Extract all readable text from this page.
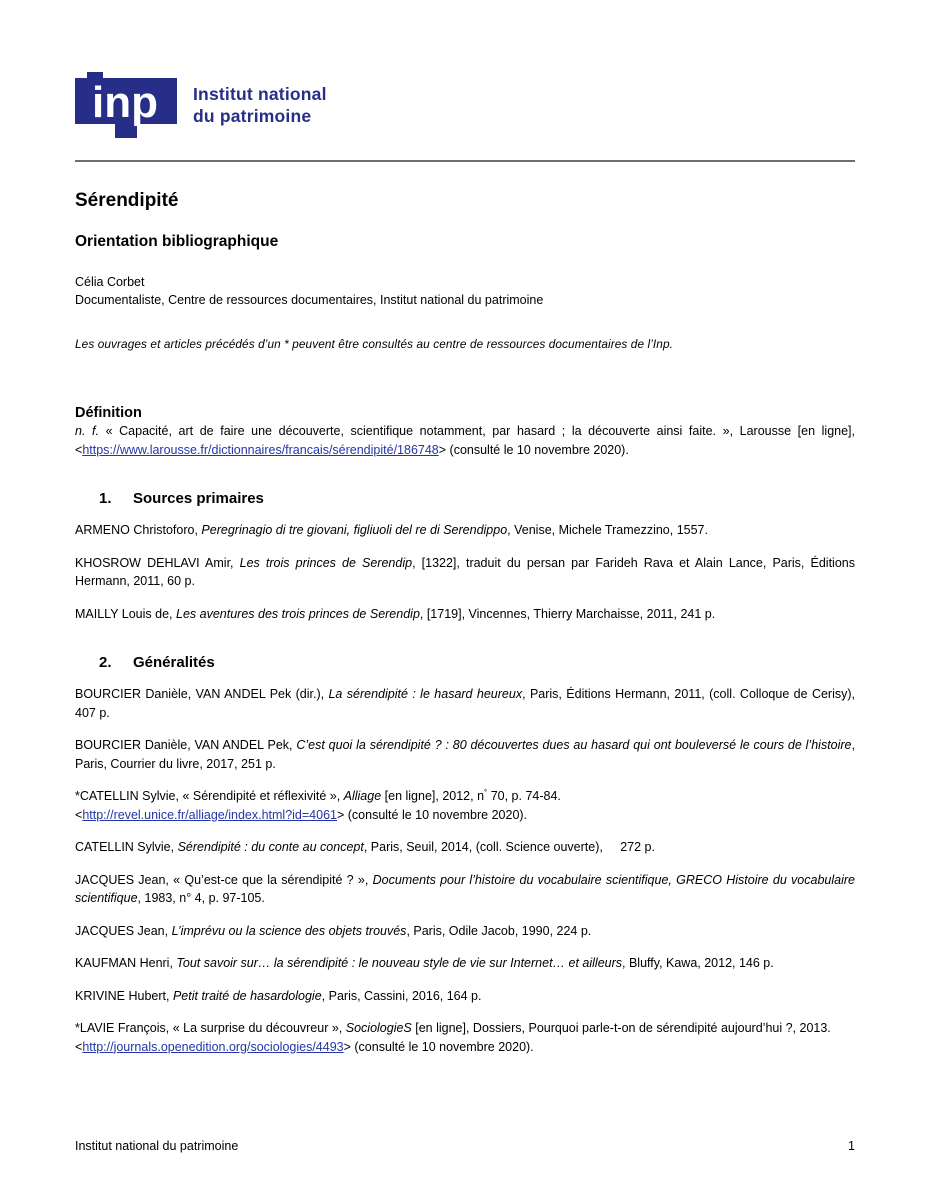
inp Institut national
du patrimoine
Sérendipité
Orientation bibliographique
Célia Corbet
Documentaliste, Centre de ressources documentaires, Institut national du patrimoine
Les ouvrages et articles précédés d’un * peuvent être consultés au centre de ressources documentaires de l’Inp.
Définition

n. f. « Capacité, art de faire une découverte, scientifique notamment, par hasard ; la découverte ainsi faite. », Larousse [en ligne], <https://www.larousse.fr/dictionnaires/francais/sérendipité/186748> (consulté le 10 novembre 2020).

1. Sources primaires

ARMENO Christoforo, Peregrinagio di tre giovani, figliuoli del re di Serendippo, Venise, Michele Tramezzino, 1557.

KHOSROW DEHLAVI Amir, Les trois princes de Serendip, [1322], traduit du persan par Farideh Rava et Alain Lance, Paris, Éditions Hermann, 2011, 60 p.

MAILLY Louis de, Les aventures des trois princes de Serendip, [1719], Vincennes, Thierry Marchaisse, 2011, 241 p.

2. Généralités

BOURCIER Danièle, VAN ANDEL Pek (dir.), La sérendipité : le hasard heureux, Paris, Éditions Hermann, 2011, (coll. Colloque de Cerisy), 407 p.

BOURCIER Danièle, VAN ANDEL Pek, C’est quoi la sérendipité ? : 80 découvertes dues au hasard qui ont bouleversé le cours de l’histoire, Paris, Courrier du livre, 2017, 251 p.

*CATELLIN Sylvie, « Sérendipité et réflexivité », Alliage [en ligne], 2012, n° 70, p. 74-84.
<http://revel.unice.fr/alliage/index.html?id=4061> (consulté le 10 novembre 2020).

CATELLIN Sylvie, Sérendipité : du conte au concept, Paris, Seuil, 2014, (coll. Science ouverte),     272 p.

JACQUES Jean, « Qu’est-ce que la sérendipité ? », Documents pour l’histoire du vocabulaire scientifique, GRECO Histoire du vocabulaire scientifique, 1983, n° 4, p. 97-105.

JACQUES Jean, L’imprévu ou la science des objets trouvés, Paris, Odile Jacob, 1990, 224 p.

KAUFMAN Henri, Tout savoir sur… la sérendipité : le nouveau style de vie sur Internet… et ailleurs, Bluffy, Kawa, 2012, 146 p.

KRIVINE Hubert, Petit traité de hasardologie, Paris, Cassini, 2016, 164 p.

*LAVIE François, « La surprise du découvreur », SociologieS [en ligne], Dossiers, Pourquoi parle-t-on de sérendipité aujourd’hui ?, 2013.
<http://journals.openedition.org/sociologies/4493> (consulté le 10 novembre 2020).

Institut national du patrimoine	1
